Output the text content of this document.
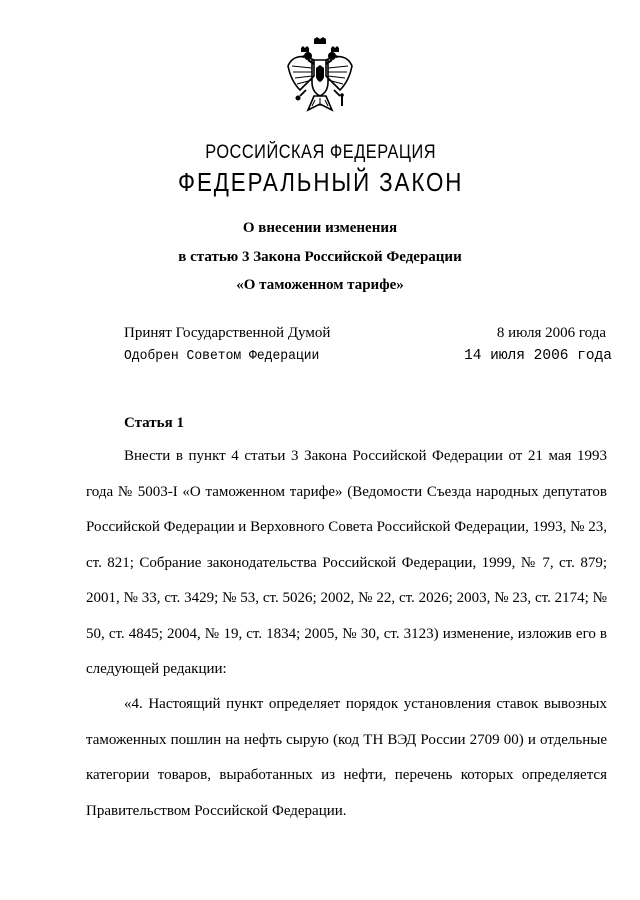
РОССИЙСКАЯ ФЕДЕРАЦИЯ
ФЕДЕРАЛЬНЫЙ ЗАКОН
О внесении изменения
в статью 3 Закона Российской Федерации
«О таможенном тарифе»
Принят Государственной Думой	8 июля 2006 года
Одобрен Советом Федерации	14 июля 2006 года
Статья 1

Внести в пункт 4 статьи 3 Закона Российской Федерации от 21 мая 1993 года № 5003-I «О таможенном тарифе» (Ведомости Съезда народных депутатов Российской Федерации и Верховного Совета Российской Федерации, 1993, № 23, ст. 821; Собрание законодательства Российской Федерации, 1999, № 7, ст. 879; 2001, № 33, ст. 3429; № 53, ст. 5026; 2002, № 22, ст. 2026; 2003, № 23, ст. 2174; № 50, ст. 4845; 2004, № 19, ст. 1834; 2005, № 30, ст. 3123) изменение, изложив его в следующей редакции:

«4. Настоящий пункт определяет порядок установления ставок вывозных таможенных пошлин на нефть сырую (код ТН ВЭД России 2709 00) и отдельные категории товаров, выработанных из нефти, перечень которых определяется Правительством Российской Федерации.
